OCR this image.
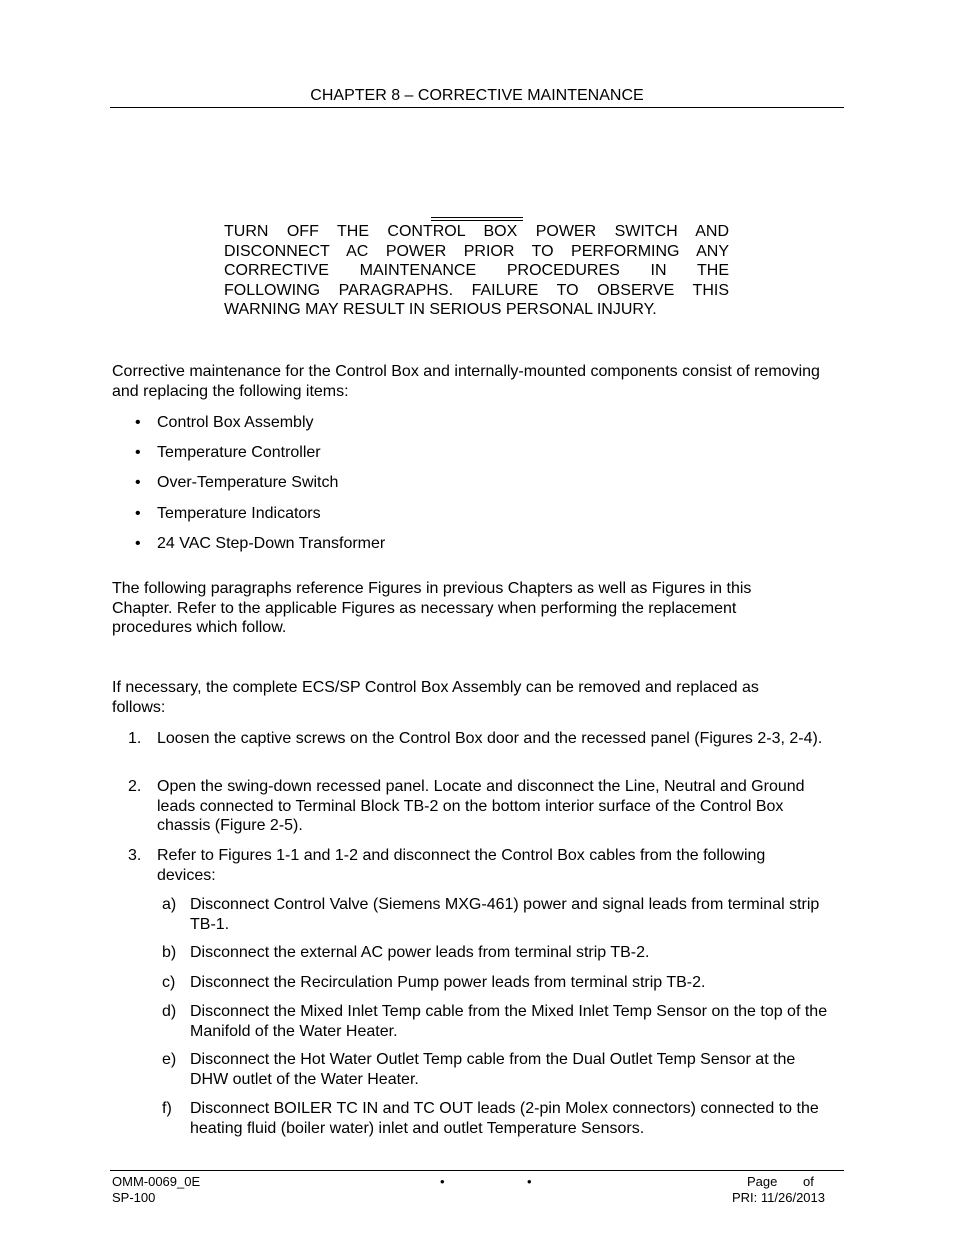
CHAPTER 8 – CORRECTIVE MAINTENANCE
TURN OFF THE CONTROL BOX POWER SWITCH AND
DISCONNECT AC POWER PRIOR TO PERFORMING ANY
CORRECTIVE MAINTENANCE PROCEDURES IN THE
FOLLOWING PARAGRAPHS. FAILURE TO OBSERVE THIS
WARNING MAY RESULT IN SERIOUS PERSONAL INJURY.
Corrective maintenance for the Control Box and internally-mounted components consist of removing and replacing the following items:
• Control Box Assembly
• Temperature Controller
• Over-Temperature Switch
• Temperature Indicators
• 24 VAC Step-Down Transformer
The following paragraphs reference Figures in previous Chapters as well as Figures in this Chapter. Refer to the applicable Figures as necessary when performing the replacement procedures which follow.
If necessary, the complete ECS/SP Control Box Assembly can be removed and replaced as follows:
1. Loosen the captive screws on the Control Box door and the recessed panel (Figures 2-3, 2-4).
2. Open the swing-down recessed panel. Locate and disconnect the Line, Neutral and Ground leads connected to Terminal Block TB-2 on the bottom interior surface of the Control Box chassis (Figure 2-5).
3. Refer to Figures 1-1 and 1-2 and disconnect the Control Box cables from the following devices:
a) Disconnect Control Valve (Siemens MXG-461) power and signal leads from terminal strip TB-1.
b) Disconnect the external AC power leads from terminal strip TB-2.
c) Disconnect the Recirculation Pump power leads from terminal strip TB-2.
d) Disconnect the Mixed Inlet Temp cable from the Mixed Inlet Temp Sensor on the top of the Manifold of the Water Heater.
e) Disconnect the Hot Water Outlet Temp cable from the Dual Outlet Temp Sensor at the DHW outlet of the Water Heater.
f) Disconnect BOILER TC IN and TC OUT leads (2-pin Molex connectors) connected to the heating fluid (boiler water) inlet and outlet Temperature Sensors.
OMM-0069_0E
SP-100
•	•	Page of
PRI: 11/26/2013
